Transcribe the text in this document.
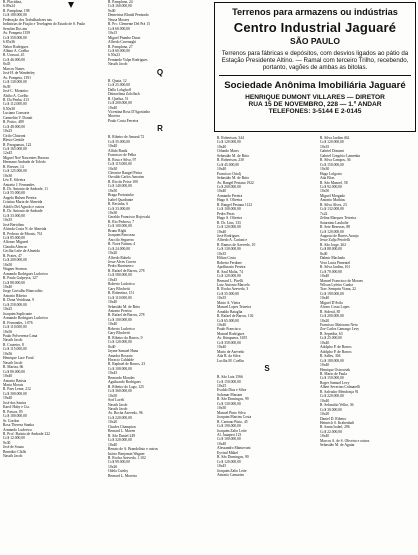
R. Placidina,
6.09x24
R. Pamplona, 198
Cr.$ 180.000,00
Federação dos Trabalhadores nas
Indústrias de Fiação e Tecelagem do Estado de S. Paulo
Serafim Dos am
Av. Pompeia 1359
Cr.$ 350.000,00
6.85x36
Nabor Rodrigues
Albino A. Coelho
R. Urussui, 45
Cr.$ 46.000,00
8x45
Marcos Nunes
José H. de Wanderley
Av. Pompeia, 1391
Cr.$ 130.000,00
8x39
José C. Monteiro
Abilio A. Coelho
R. Da Penha, 413
Cr.$ 112.000,00
8.50x30
Luciano Consorte
Carmelita V. Donati
R. Potiro, 489
Cr.$ 48.000,00
10x25
Cirilo Chiaroni
Blesio Gentile
R. Paraguassu, 122
Cr.$ 165.000,00
12x45
Miguel Noé Nascentes Barroso
Hermano Andrade de Toledo
R. Bresser, 14
Cr.$ 125.000,00
10x30
Léo E. Silveira
Antonio J. Fernandes
R. Dr. Antonio de Andrade, 11
Cr.$ 55.000,00
Angela Hulsen Pereira
Cristina Maria de Almeida
Adolfo Del Agnolo e outros
R. Dr. Antonio de Andrade
Cr.$ 33.000,00
10x35
José Bertolino
Alcinda Costa N. de Almeida
R. Pedroso de Morais, 761
Cr.$ 85.000,00
Affonso Migueel
Claudia Alencar
Cecília Leite de Almeida
R. Prates, 47
Cr.$ 200.000,00
10x50
Wagner Sternon
Armando Rodrigues Ludovico
R. Paulo Gulpeyra, 127
Cr.$ 88.000,00
10x40
Jorge Carvalho Biancodito
Antonio Ribeiro
R. Dona Veridiana, 9
Cr.$ 250.000,00
10x25
Joaquim Suplicante
Armando Rodrigues Ludovico
R. Fernandes, 1.076
Cr.$ 110.000,00
10x56
Paulo Polverense Lima
Nassib Jacob
R. Cruzeiro, 8
Cr.$ 115.000,00
10x56
Henrique Lace Foral
Nassib Jacob
R. Mariza, 66
Cr.$ 80.000,00
10x40
Antonio Batista
Maria Morais
R. Paes Leme, 212
Cr.$ 300.000,00
10x40
José dos Santos
Karol Haby e Cia.
R. Passos, 85
Cr.$ 180.000,00
Sr. Gordon
Rosa Theresa Stanka
Armando Ludovico
R. Prof. Batista de Andrade 222
Cr.$ 12.000,00
9x30
José de Souza
Benedito Chills
Nassib Jacob
R. Pamplona, 24
Cr.$ 160.000,00
9x40
Demetrius Blondi Penteado
Neusa Moraes
R. Prc. Clemente Del Prá 13
Cr.$ 60.000,00
10x15
Miguel Piumbo Dussi
Alfredo Cavenaghi
R. Pamplona, 27
Cr.$ 60.000,00
6.50x23
Fernando Volpe Rodrigues
Nassib Jacob
Q
R. Quata, 12
Cr.$ 25.000,00
Dallo Lobghoff
Deinaclima Zalcflack
R. Quelua, 51
Cr.$ 200.000,00
10x40
Vicentina Rosa D'Agostinho
Moreira
Paulo Costa Ferreira
R
R. Ribeiro de Amaral 72
Cr.$ 35.000,00
10x40
Alfido Banik
Francisco de Pelba
R. Rosa e Silva, 97
Cr.$ 115.000,00
10x30
Cleonice Rangel Pietra
Osvaldo Carlos Amorim
R. Rio do Peixe 100
Cr.$ 140.000,00
10x50
Braga Portosinho
Isabel Quadrante
R. Recinha, 6
Cr.$ 33.000,00
10x30
Geraldo Francisco Rojowski
R. Rio Pedroso, 7
Cr.$ 100.000,00
Bruno Righi
Joaquim Pancosso
Anccilo Seguerro
R. Nova Fatima, 4
Cr.$ 24.000,00
10x20
Alfredo Rabelo
Jesse Alves Correa
Pedro Barristerro
R. Rafael de Barros, 278
Cr.$ 580.000,00
10x45
Roberto Ludovico
Gary Blochetti
R. Robertina, 151
Cr.$ 110.000,00
10x40
Sebastião M. de Brito
Antonio Pereira
R. Rafael de Barros, 278
Cr.$ 100.000,00
10x40
Roberto Ludovico
Gary Blochetti
R. Ribeiro do Barros, 9
Cr.$ 120.000,00
8x40
Jayme Samuel Hana
Amador Rossato
Horacio Caldalde
R. Raphael de Barros, 23
Cr.$ 100.000,00
10x45
Bernardo Morales
Aguiluardo Rodrigues
R. Ribeiro do Lago, 125
Cr.$ 360.000,00
10x50
Sorf Loreli
Nassib Jacob
Nassib Jacob
Av. Rocha Azevedo, 96
Cr.$ 220.000,00
10x20
Charles Champion
Bernard L. Maven
R. São Daniel 249
Cr.$ 320.000,00
10x40
Renato de A. Brandolisio e outros
Inácio Benjamin Wagner
R. Rocha Azevedo, 1.102
Cr.$ 99.000,00
10x26
Odela Cuisby
Bernard L. Moreira
R. Robertson, 344
Cr.$ 120.000,00
10x40
Orlando Marrs
Sebastião M. de Brito
R. Robertson, 230
Cr.$ 45.000,00
10x40
Francisco Ortolj
Sebastião M. de Brito
Av. Rangel Pestana 1922
Cr.$ 200.000,00
10x40
Armando Pereira
Hugo S. Oliveira
R. Rangel Pestana 1122
Cr.$ 100.000,00
Pedro Peras
Hugo S. Oliveira
R. Dr. Lins, 133
Cr.$ 120.000,00
10x40
José Rodrigues
Alfredo A. Cariani e
R. Ramos de Azevedo, 10
Cr.$ 130.000,00
10x35
Hilton Costa
Roberto Ferdone
Apollinario Pereira
R. Saul Malta, 74
Cr.$ 120.000,00
Bernard L. Pirelli
Luiz Antonio Marcelo
R. Rocha Azevedo, 3
Cr.$ 35.000,00
10x35
Mario A. Vieira
Manoel Lopes Teixeira
Arnaldo Bataglia
R. Rafael de Barros, 102
Cr.$ 65.000,00
10x40
Paulo Francisco
Manoel Rodrigues
Av. Ibirapuera, 1655
Cr.$ 350.000,00
10x40
Mario de Azevedo
Ada R. da Silva
Lucília M. Coelho
S
R. São Luiz 1566
Cr.$ 150.000,00
10x25
Evaldo Dias e Silva
Solomar Mariam
R. São Domingos, 99
Cr.$ 130.000,00
10x30
Manoel Pinto Silva
Joaquim Martins Costa
R. Caetano Pinto, 45
Cr.$ 190.000,00
Joaquim Zalto Leite
Al. Jauaperi 123
Cr.$ 100.000,00
10x40
Alessandro Mantovani
Eyvind Mäkel
R. São Domingos, 90
Cr.$ 120.000,00
10x45
Joaquim Zalto Leite
Antonio Camarim
R. Silva Jardim 462
Cr.$ 120.000,00
10x35
Gabriel Donami
Gabriel Gregório Lamenha
R. Silva Campos, 36
Cr.$ 150.000,00
10x30
Hugo Lolgorio
Ada Elias
R. São Manoel, 58
Cr.$ 92.000,00
10x50
Miguel Morgado
Antonio Mathias
R. Silva Alves, 23
Cr.$ 132.000,00
7x22
Zelina Marques Teixeira
Saturnino Laubolte
R. Sete Bezerras, 88
Cr.$ 120.000,00
Augusto de Barros Araujo
Jesse Zulju Peiofelli
R. São Jorge, 262
Cr.$ 88.000,00
8x40
Dalmir Machado
Vera Lucia Pimentel
R. Silva Jardim, 161
Cr.$ 70.000,00
10x40
Manoel Francisco de Moraes
Wilson Lyfeiro Cunha
Trav. Semprin Viana, 22
Cr.$ 190.000,00
10x40
Miguel D'Avila
Alvaro Costa Lopes
R. Sideral, 85
Cr.$ 200.000,00
10x20
Francisco Maiorano Neto
Zoe Carlos Camargo Levy
R. Sepetiba, 63
Cr.$ 25.000,00
10x40
Adolpho P. de Barros
Adolpho P. de Barros
R. Salles, 304
Cr.$ 180.000,00
10x40
Henrique Ostrowiak
R. Mario de Paula
Cr.$ 150.000,00
Roger Samuel Levy
Albert Severino Colmarelli
R. Salvador Mendonça 91
Cr.$ 220.000,00
10x40
R. Sebastião Velho, 36
Cr.$ 30.000,00
10x20
Daniel D. Ribeiro
Heinrich S. Krabenhalt
R. Santa Isabel, 296
Cr.$ 22.000,00
10x40
Marcos A. de S. Oliveira e outros
Sebastião M. de Aguiar
Terrenos para armazens ou indústrias
Centro Industrial Jaguaré
SÃO PAULO
Terrenos para fábricas e depósitos, com desvios ligados ao pátio da Estação Presidente Altino. — Ramal com terceiro Trilho, recebendo, portanto, vagões de ambas as bitolas.
Sociedade Anônima Imobiliária Jaguaré
HENRIQUE DUMONT VILLARES — DIRETOR
RUA 15 DE NOVEMBRO, 228 — 1.º ANDAR
TELEFONES: 3-5144 E 2-0145
